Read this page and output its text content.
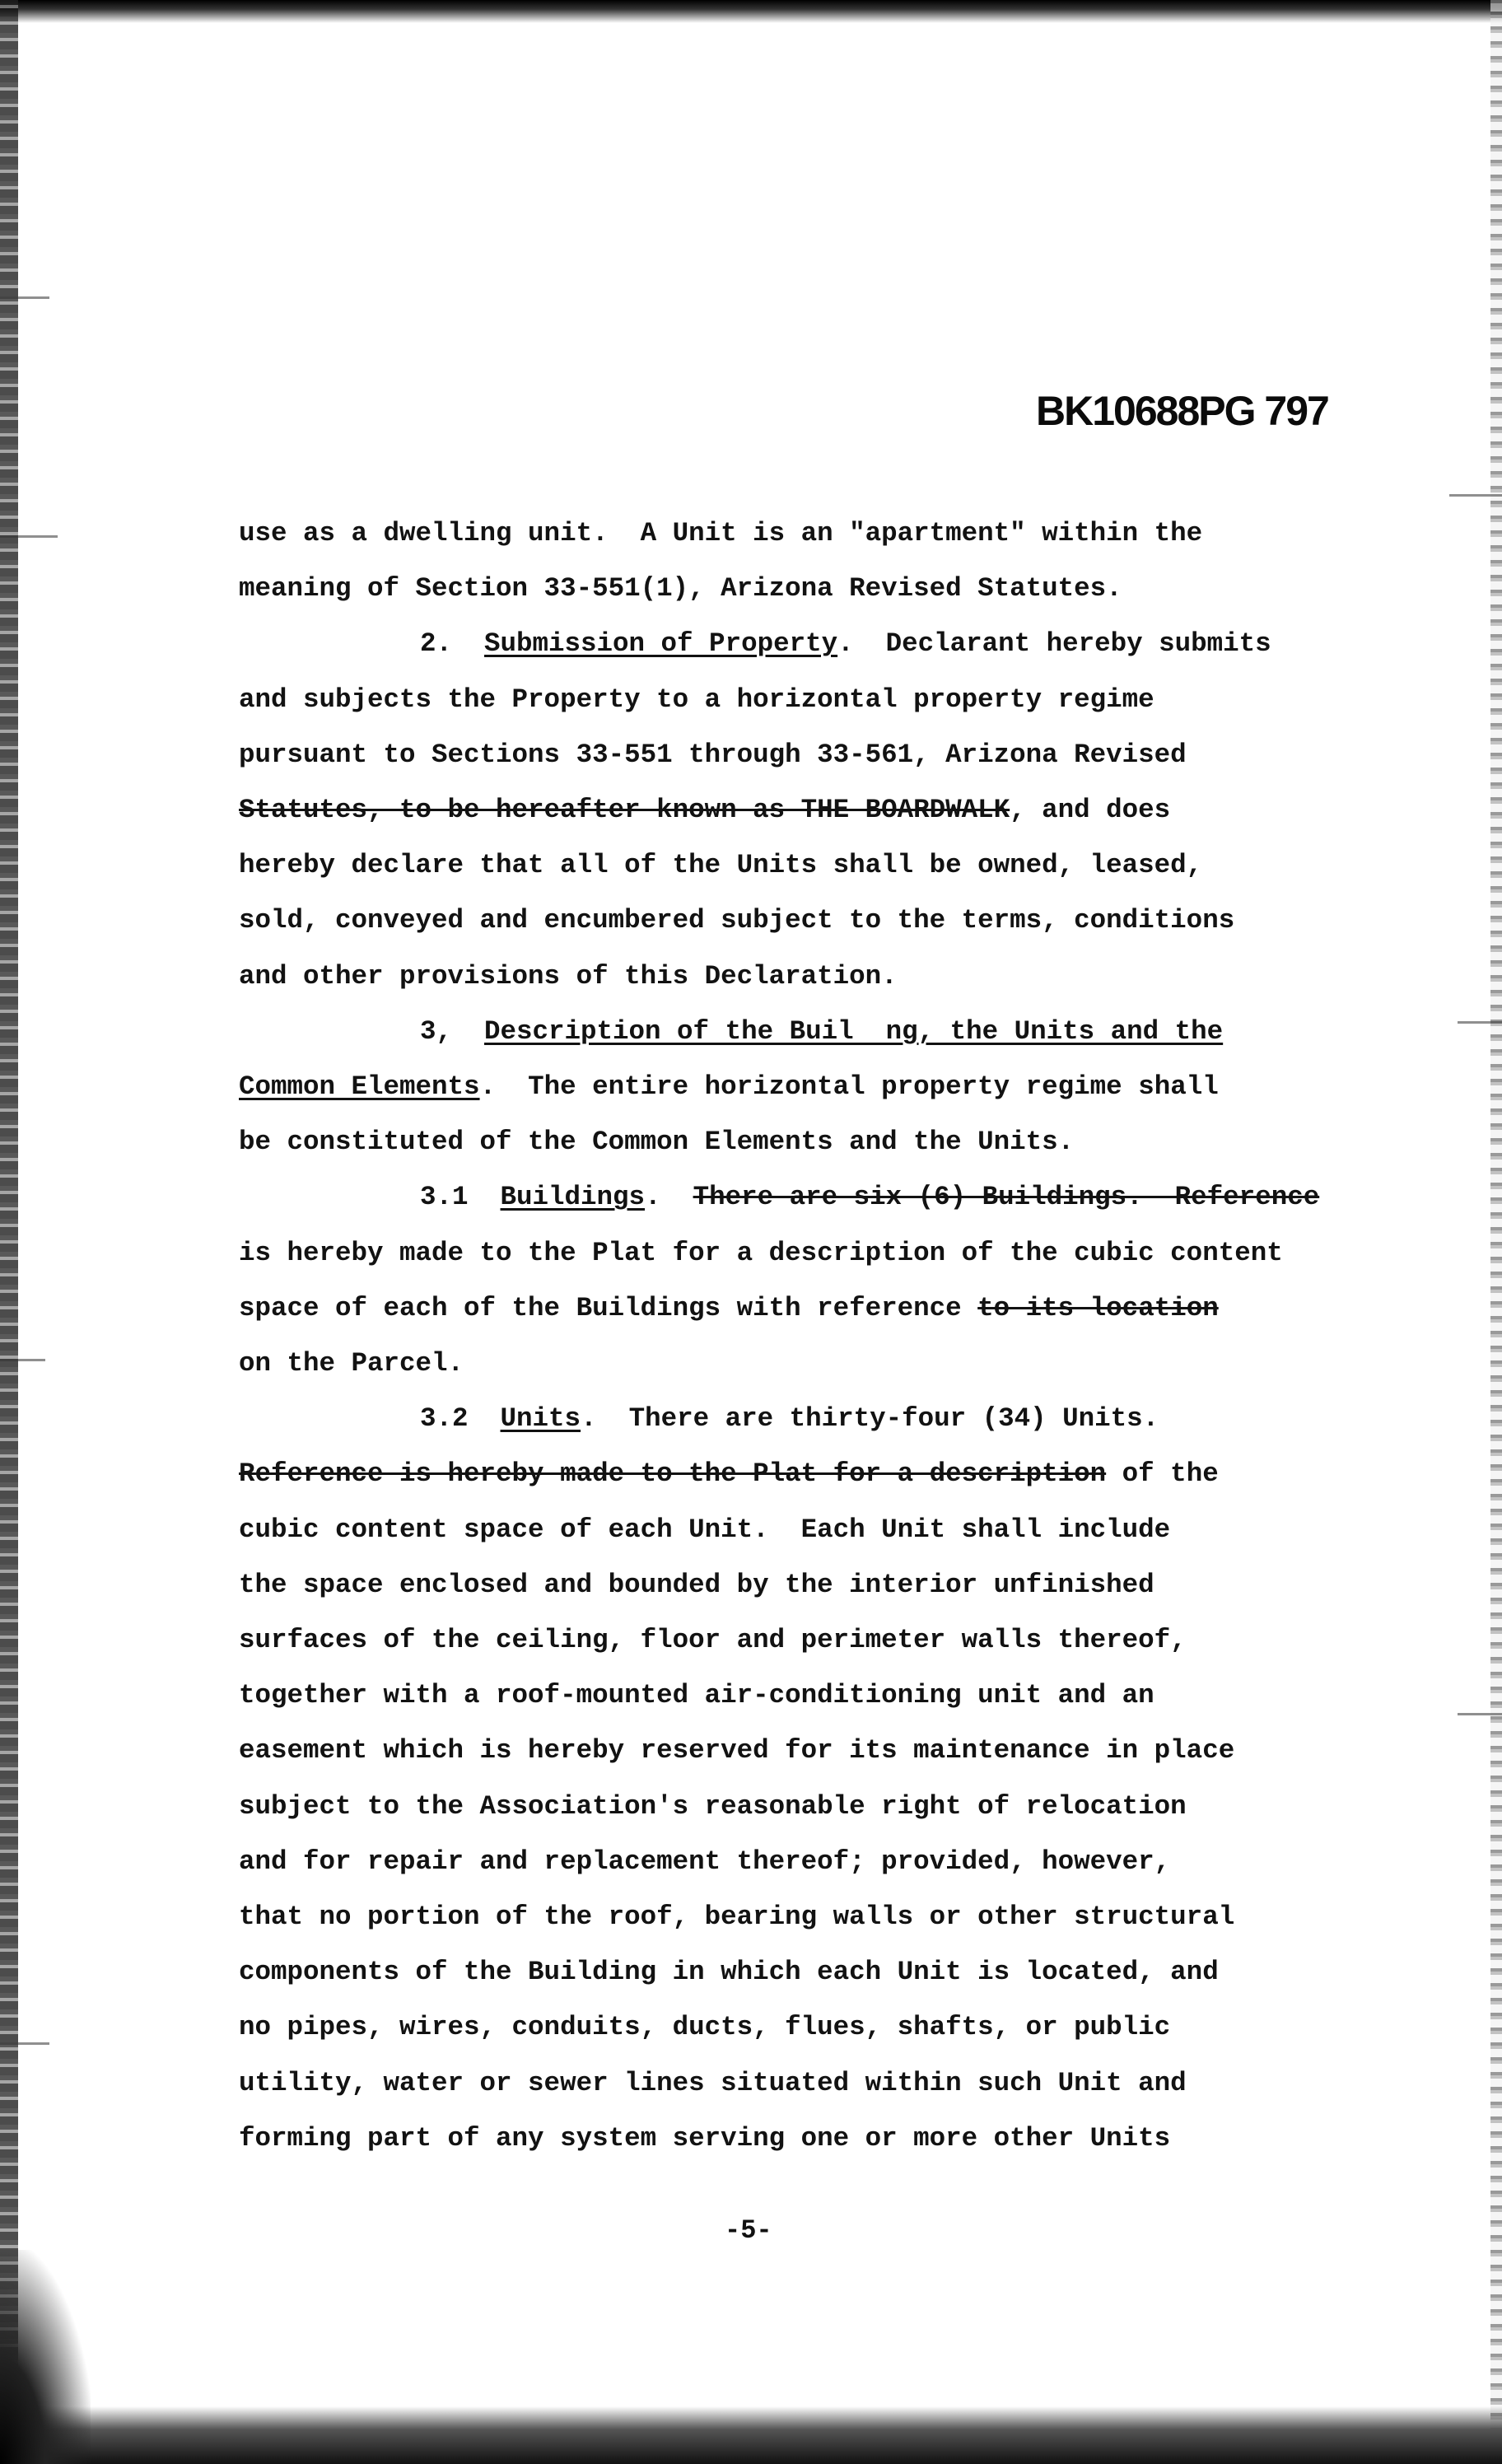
BK10688PG 797
use as a dwelling unit.  A Unit is an "apartment" within the
meaning of Section 33-551(1), Arizona Revised Statutes.
2.  Submission of Property.  Declarant hereby submits
and subjects the Property to a horizontal property regime
pursuant to Sections 33-551 through 33-561, Arizona Revised
Statutes, to be hereafter known as THE BOARDWALK, and does
hereby declare that all of the Units shall be owned, leased,
sold, conveyed and encumbered subject to the terms, conditions
and other provisions of this Declaration.
3,  Description of the Buil  ng, the Units and the
Common Elements.  The entire horizontal property regime shall
be constituted of the Common Elements and the Units.
3.1  Buildings.  There are six (6) Buildings.  Reference
is hereby made to the Plat for a description of the cubic content
space of each of the Buildings with reference to its location
on the Parcel.
3.2  Units.  There are thirty-four (34) Units.
Reference is hereby made to the Plat for a description of the
cubic content space of each Unit.  Each Unit shall include
the space enclosed and bounded by the interior unfinished
surfaces of the ceiling, floor and perimeter walls thereof,
together with a roof-mounted air-conditioning unit and an
easement which is hereby reserved for its maintenance in place
subject to the Association's reasonable right of relocation
and for repair and replacement thereof; provided, however,
that no portion of the roof, bearing walls or other structural
components of the Building in which each Unit is located, and
no pipes, wires, conduits, ducts, flues, shafts, or public
utility, water or sewer lines situated within such Unit and
forming part of any system serving one or more other Units
-5-
